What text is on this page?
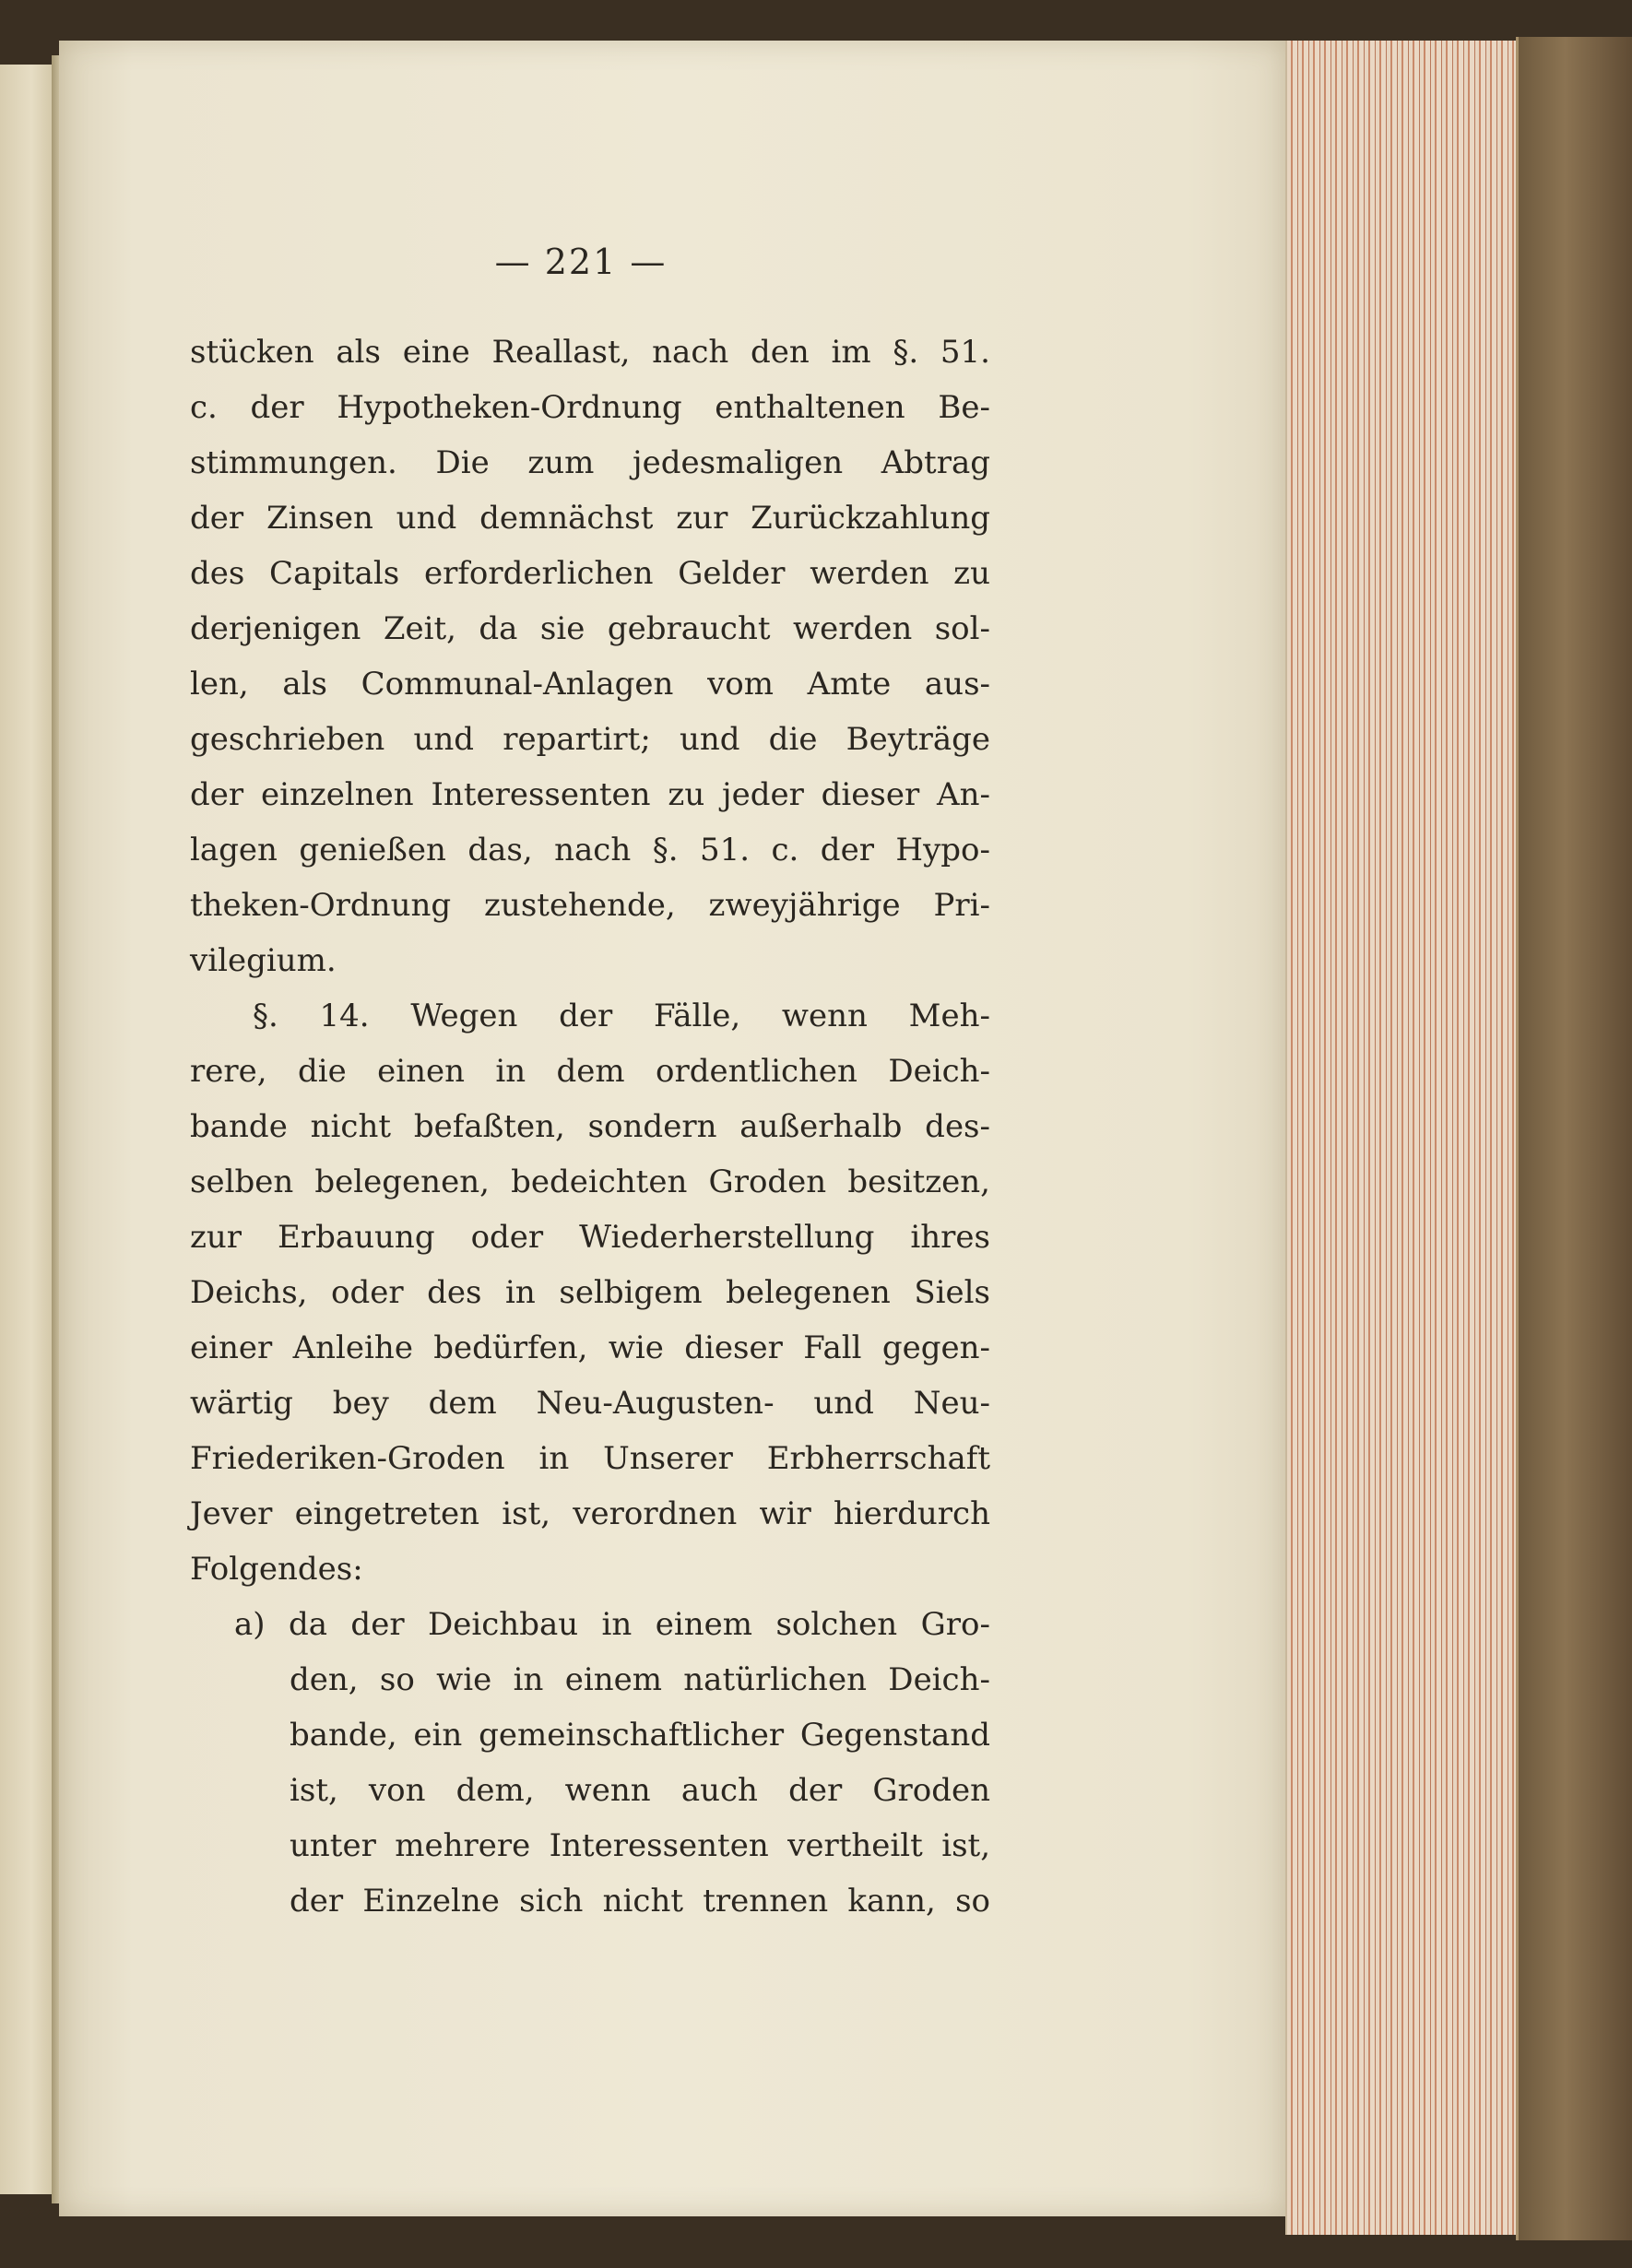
— 221 —
stücken als eine Reallast, nach den im §. 51.
c. der Hypotheken-Ordnung enthaltenen Be-
stimmungen. Die zum jedesmaligen Abtrag
der Zinsen und demnächst zur Zurückzahlung
des Capitals erforderlichen Gelder werden zu
derjenigen Zeit, da sie gebraucht werden sol-
len, als Communal-Anlagen vom Amte aus-
geschrieben und repartirt; und die Beyträge
der einzelnen Interessenten zu jeder dieser An-
lagen genießen das, nach §. 51. c. der Hypo-
theken-Ordnung zustehende, zweyjährige Pri-
vilegium.
§. 14. Wegen der Fälle, wenn Meh-
rere, die einen in dem ordentlichen Deich-
bande nicht befaßten, sondern außerhalb des-
selben belegenen, bedeichten Groden besitzen,
zur Erbauung oder Wiederherstellung ihres
Deichs, oder des in selbigem belegenen Siels
einer Anleihe bedürfen, wie dieser Fall gegen-
wärtig bey dem Neu-Augusten- und Neu-
Friederiken-Groden in Unserer Erbherrschaft
Jever eingetreten ist, verordnen wir hierdurch
Folgendes:
a) da der Deichbau in einem solchen Gro-
den, so wie in einem natürlichen Deich-
bande, ein gemeinschaftlicher Gegenstand
ist, von dem, wenn auch der Groden
unter mehrere Interessenten vertheilt ist,
der Einzelne sich nicht trennen kann, so
